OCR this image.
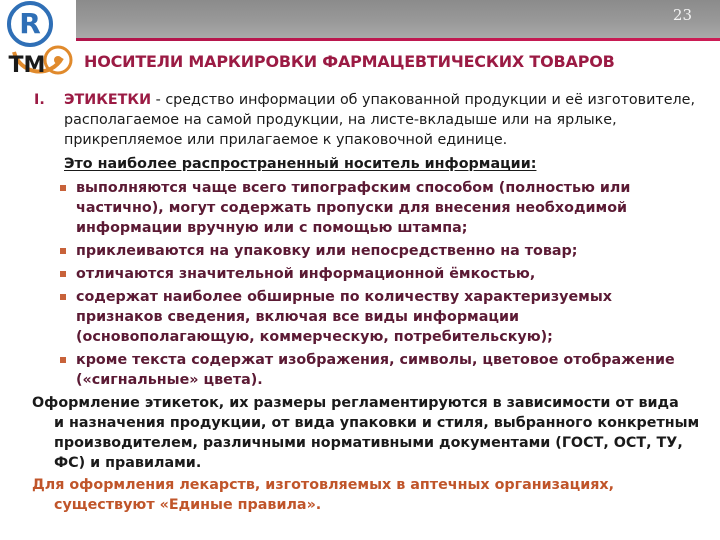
R
TM
23
НОСИТЕЛИ МАРКИРОВКИ ФАРМАЦЕВТИЧЕСКИХ ТОВАРОВ

I. ЭТИКЕТКИ - средство информации об упакованной продукции и её изготовителе, располагаемое на самой продукции, на листе-вкладыше или на ярлыке, прикрепляемое или прилагаемое к упаковочной единице.

Это наиболее распространенный носитель информации:

выполняются чаще всего типографским способом (полностью или частично), могут содержать пропуски для внесения необходимой информации вручную или с помощью штампа;
приклеиваются на упаковку или непосредственно на товар;
отличаются значительной информационной ёмкостью,
содержат наиболее обширные по количеству характеризуемых признаков сведения, включая все виды информации (основополагающую, коммерческую, потребительскую);
кроме текста содержат изображения, символы, цветовое отображение («сигнальные» цвета).
Оформление этикеток, их размеры регламентируются в зависимости от вида
и назначения продукции, от вида упаковки и стиля, выбранного конкретным производителем, различными нормативными документами (ГОСТ, ОСТ, ТУ, ФС) и правилами.
Для оформления лекарств, изготовляемых в аптечных организациях,
существуют «Единые правила».
